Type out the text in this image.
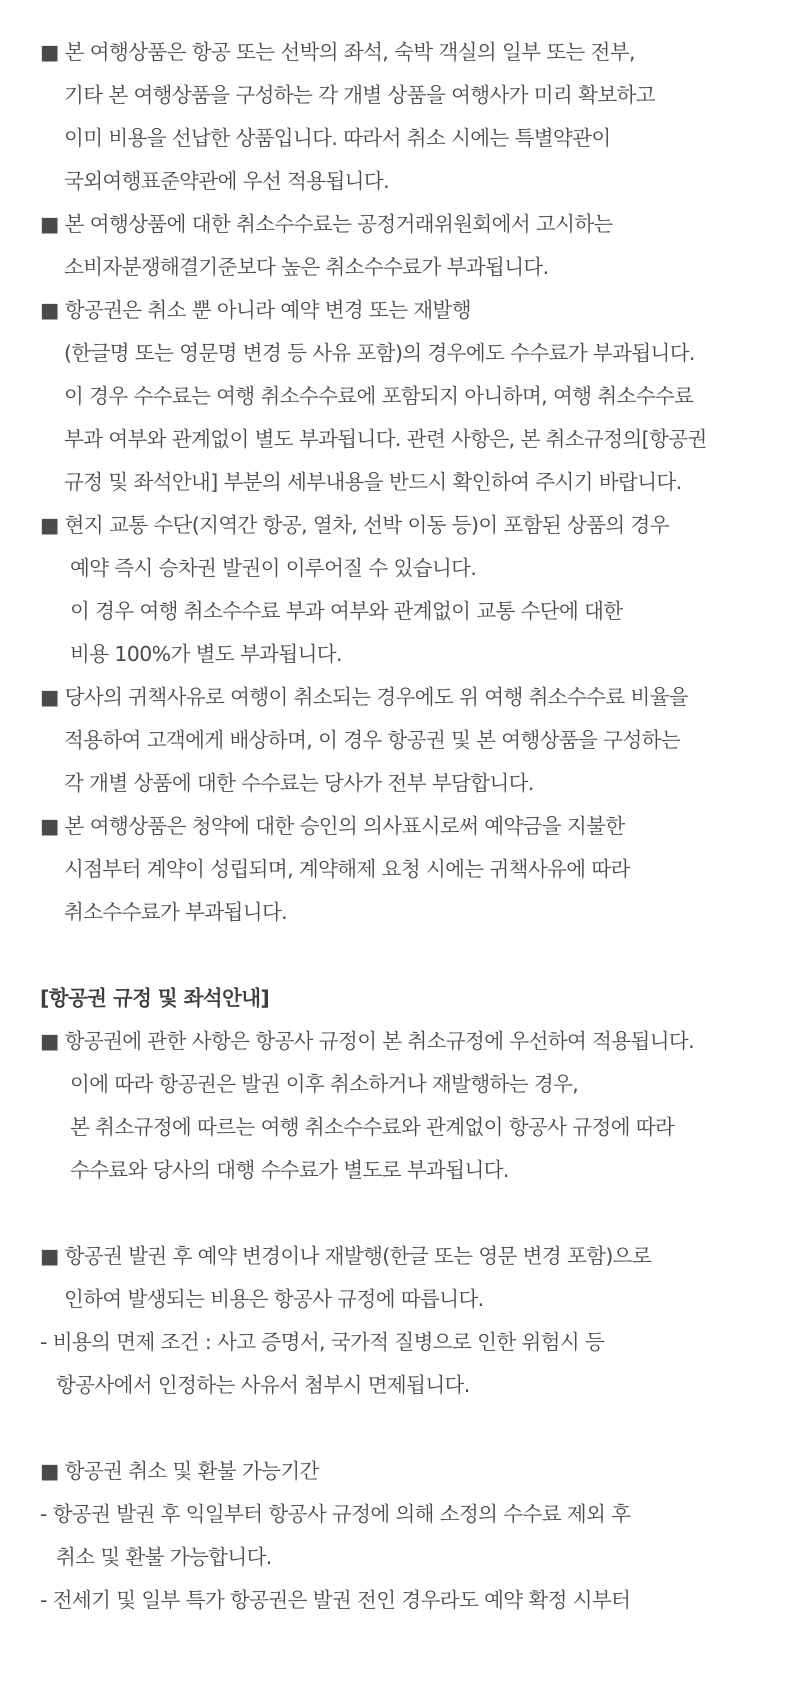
■ 본 여행상품은 항공 또는 선박의 좌석, 숙박 객실의 일부 또는 전부,
기타 본 여행상품을 구성하는 각 개별 상품을 여행사가 미리 확보하고
이미 비용을 선납한 상품입니다. 따라서 취소 시에는 특별약관이
국외여행표준약관에 우선 적용됩니다.
■ 본 여행상품에 대한 취소수수료는 공정거래위원회에서 고시하는
소비자분쟁해결기준보다 높은 취소수수료가 부과됩니다.
■ 항공권은 취소 뿐 아니라 예약 변경 또는 재발행
(한글명 또는 영문명 변경 등 사유 포함)의 경우에도 수수료가 부과됩니다.
이 경우 수수료는 여행 취소수수료에 포함되지 아니하며, 여행 취소수수료
부과 여부와 관계없이 별도 부과됩니다. 관련 사항은, 본 취소규정의[항공권
규정 및 좌석안내] 부분의 세부내용을 반드시 확인하여 주시기 바랍니다.
■ 현지 교통 수단(지역간 항공, 열차, 선박 이동 등)이 포함된 상품의 경우
예약 즉시 승차권 발권이 이루어질 수 있습니다.
이 경우 여행 취소수수료 부과 여부와 관계없이 교통 수단에 대한
비용 100%가 별도 부과됩니다.
■ 당사의 귀책사유로 여행이 취소되는 경우에도 위 여행 취소수수료 비율을
적용하여 고객에게 배상하며, 이 경우 항공권 및 본 여행상품을 구성하는
각 개별 상품에 대한 수수료는 당사가 전부 부담합니다.
■ 본 여행상품은 청약에 대한 승인의 의사표시로써 예약금을 지불한
시점부터 계약이 성립되며, 계약해제 요청 시에는 귀책사유에 따라
취소수수료가 부과됩니다.
[항공권 규정 및 좌석안내]
■ 항공권에 관한 사항은 항공사 규정이 본 취소규정에 우선하여 적용됩니다.
이에 따라 항공권은 발권 이후 취소하거나 재발행하는 경우,
본 취소규정에 따르는 여행 취소수수료와 관계없이 항공사 규정에 따라
수수료와 당사의 대행 수수료가 별도로 부과됩니다.
■ 항공권 발권 후 예약 변경이나 재발행(한글 또는 영문 변경 포함)으로
인하여 발생되는 비용은 항공사 규정에 따릅니다.
- 비용의 면제 조건 : 사고 증명서, 국가적 질병으로 인한 위험시 등
항공사에서 인정하는 사유서 첨부시 면제됩니다.
■ 항공권 취소 및 환불 가능기간
- 항공권 발권 후 익일부터 항공사 규정에 의해 소정의 수수료 제외 후
취소 및 환불 가능합니다.
- 전세기 및 일부 특가 항공권은 발권 전인 경우라도 예약 확정 시부터
